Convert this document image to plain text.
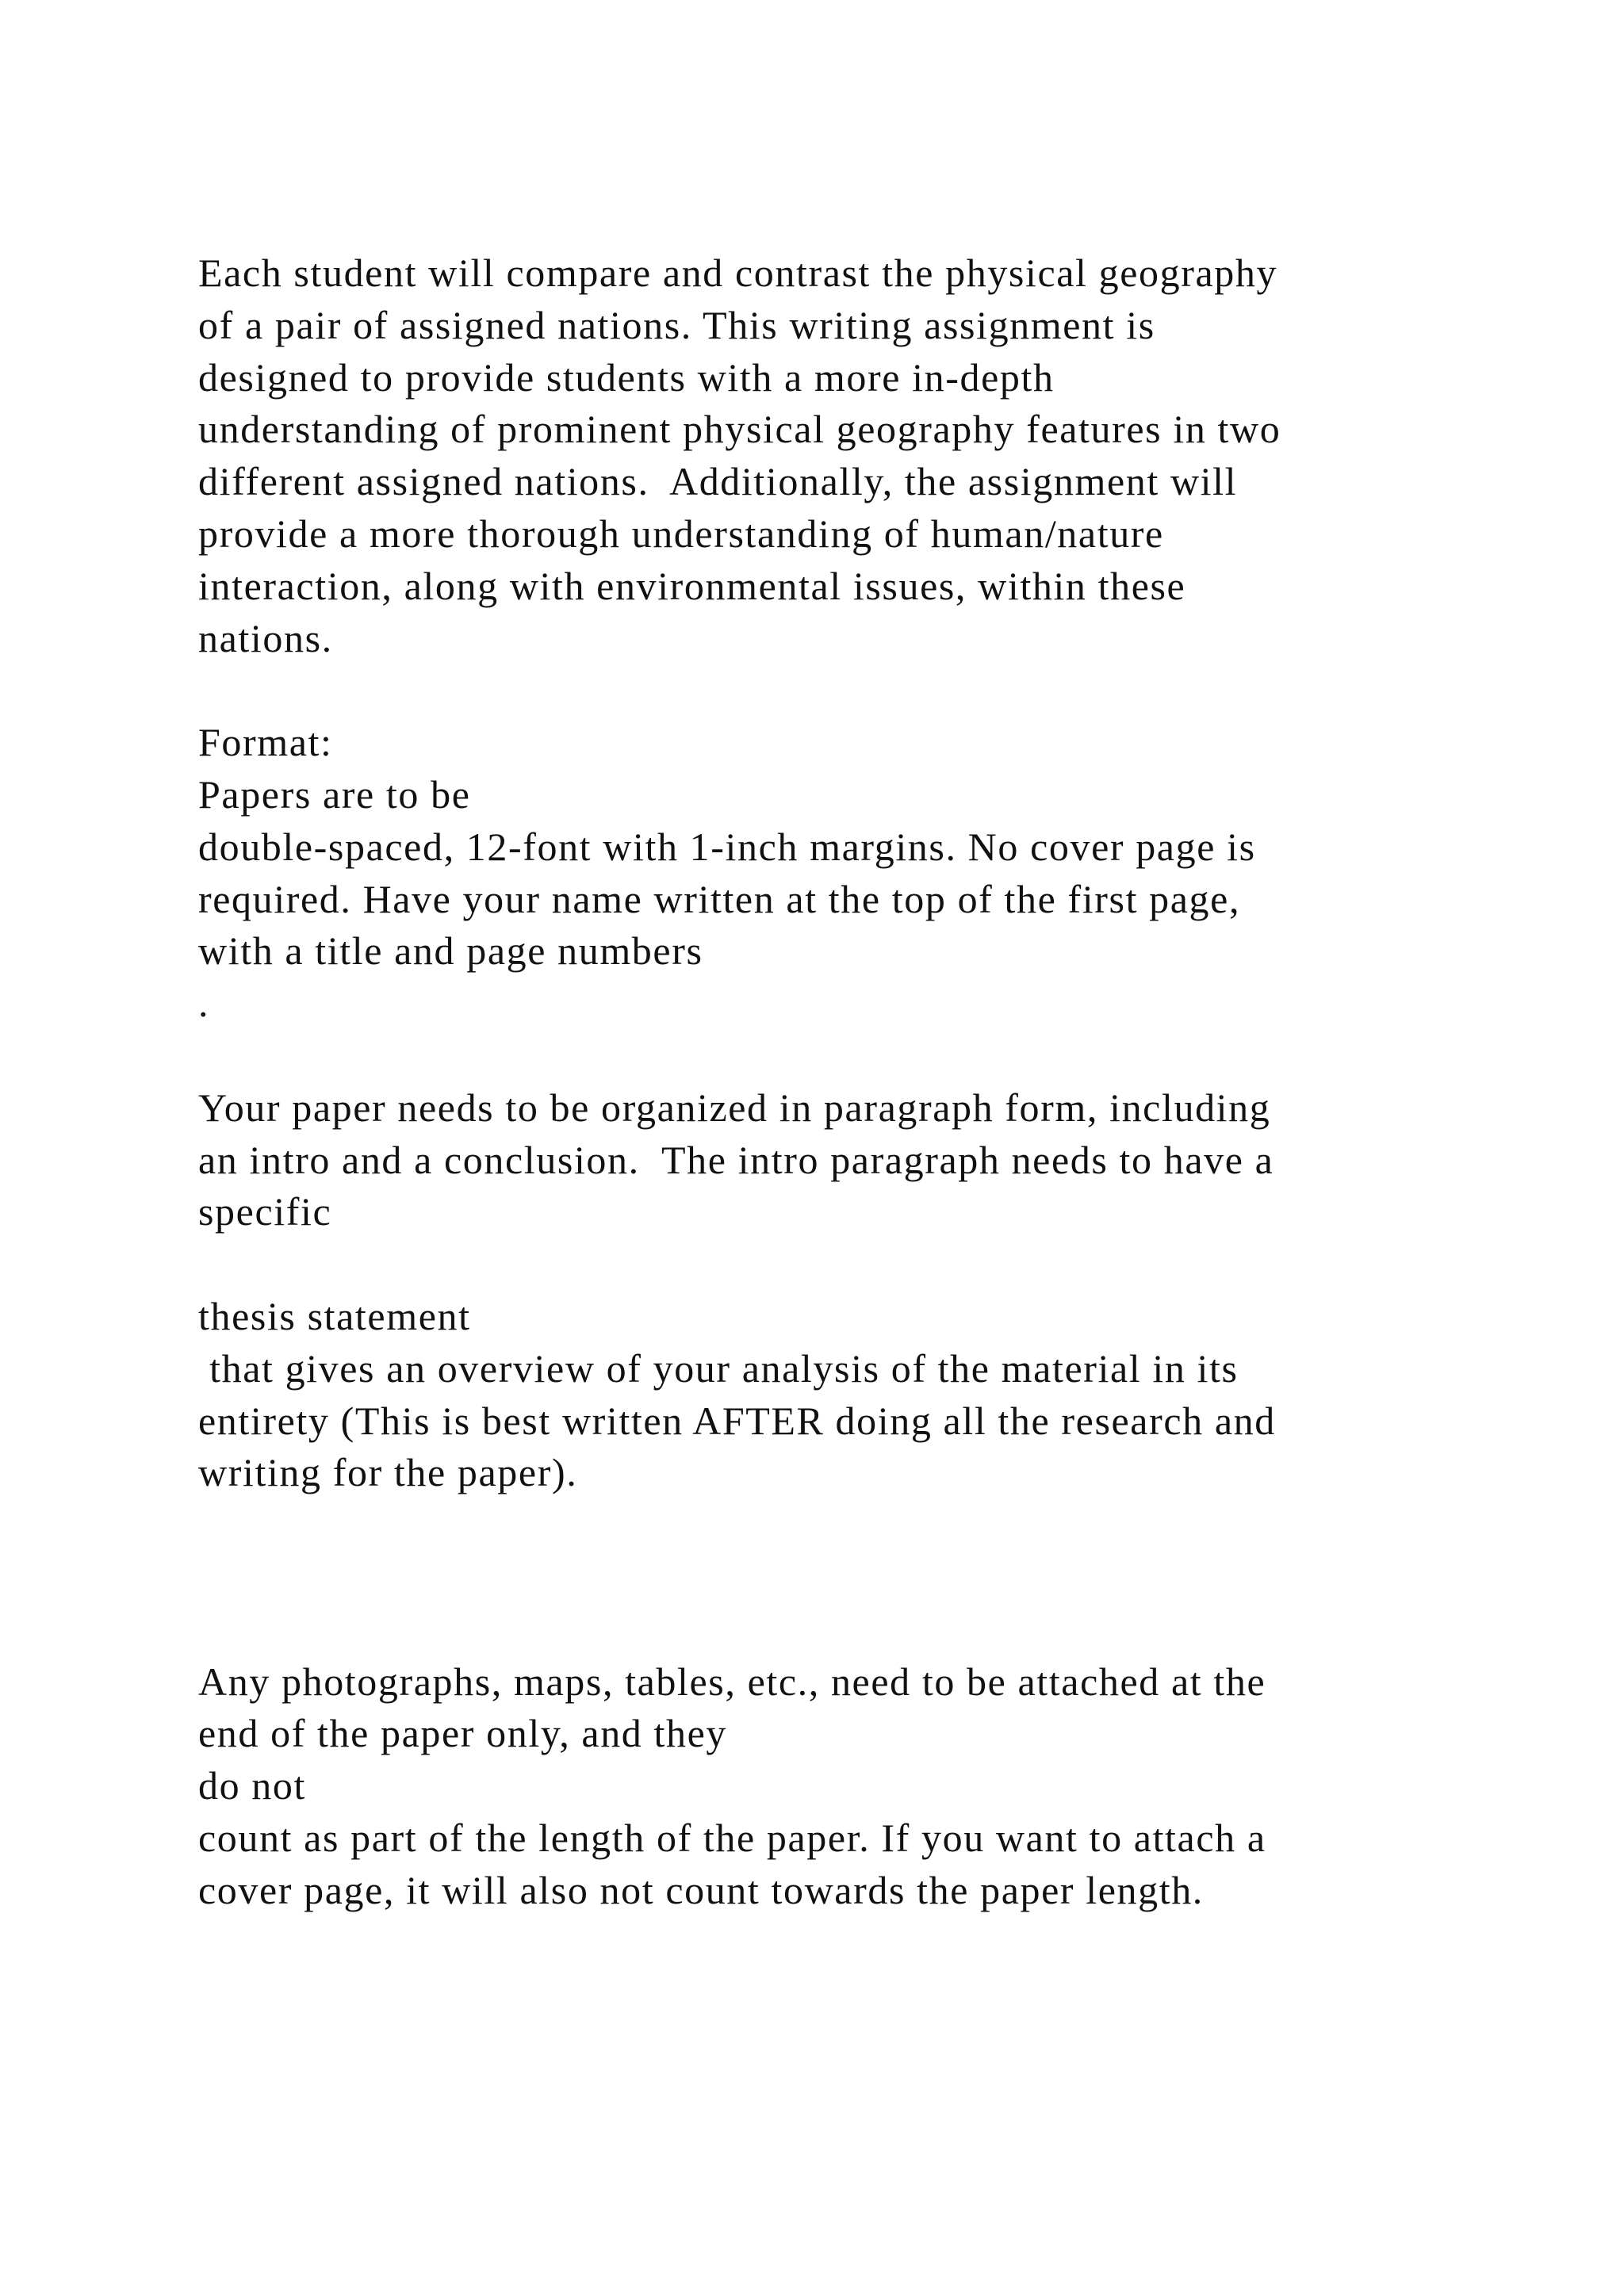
Each student will compare and contrast the physical geography
of a pair of assigned nations. This writing assignment is
designed to provide students with a more in-depth
understanding of prominent physical geography features in two
different assigned nations.  Additionally, the assignment will
provide a more thorough understanding of human/nature
interaction, along with environmental issues, within these
nations.
Format:
Papers are to be
double-spaced, 12-font with 1-inch margins. No cover page is
required. Have your name written at the top of the first page,
with a title and page numbers
.
Your paper needs to be organized in paragraph form, including
an intro and a conclusion.  The intro paragraph needs to have a
specific
thesis statement
that gives an overview of your analysis of the material in its
entirety (This is best written AFTER doing all the research and
writing for the paper).
Any photographs, maps, tables, etc., need to be attached at the
end of the paper only, and they
do not
count as part of the length of the paper. If you want to attach a
cover page, it will also not count towards the paper length.
